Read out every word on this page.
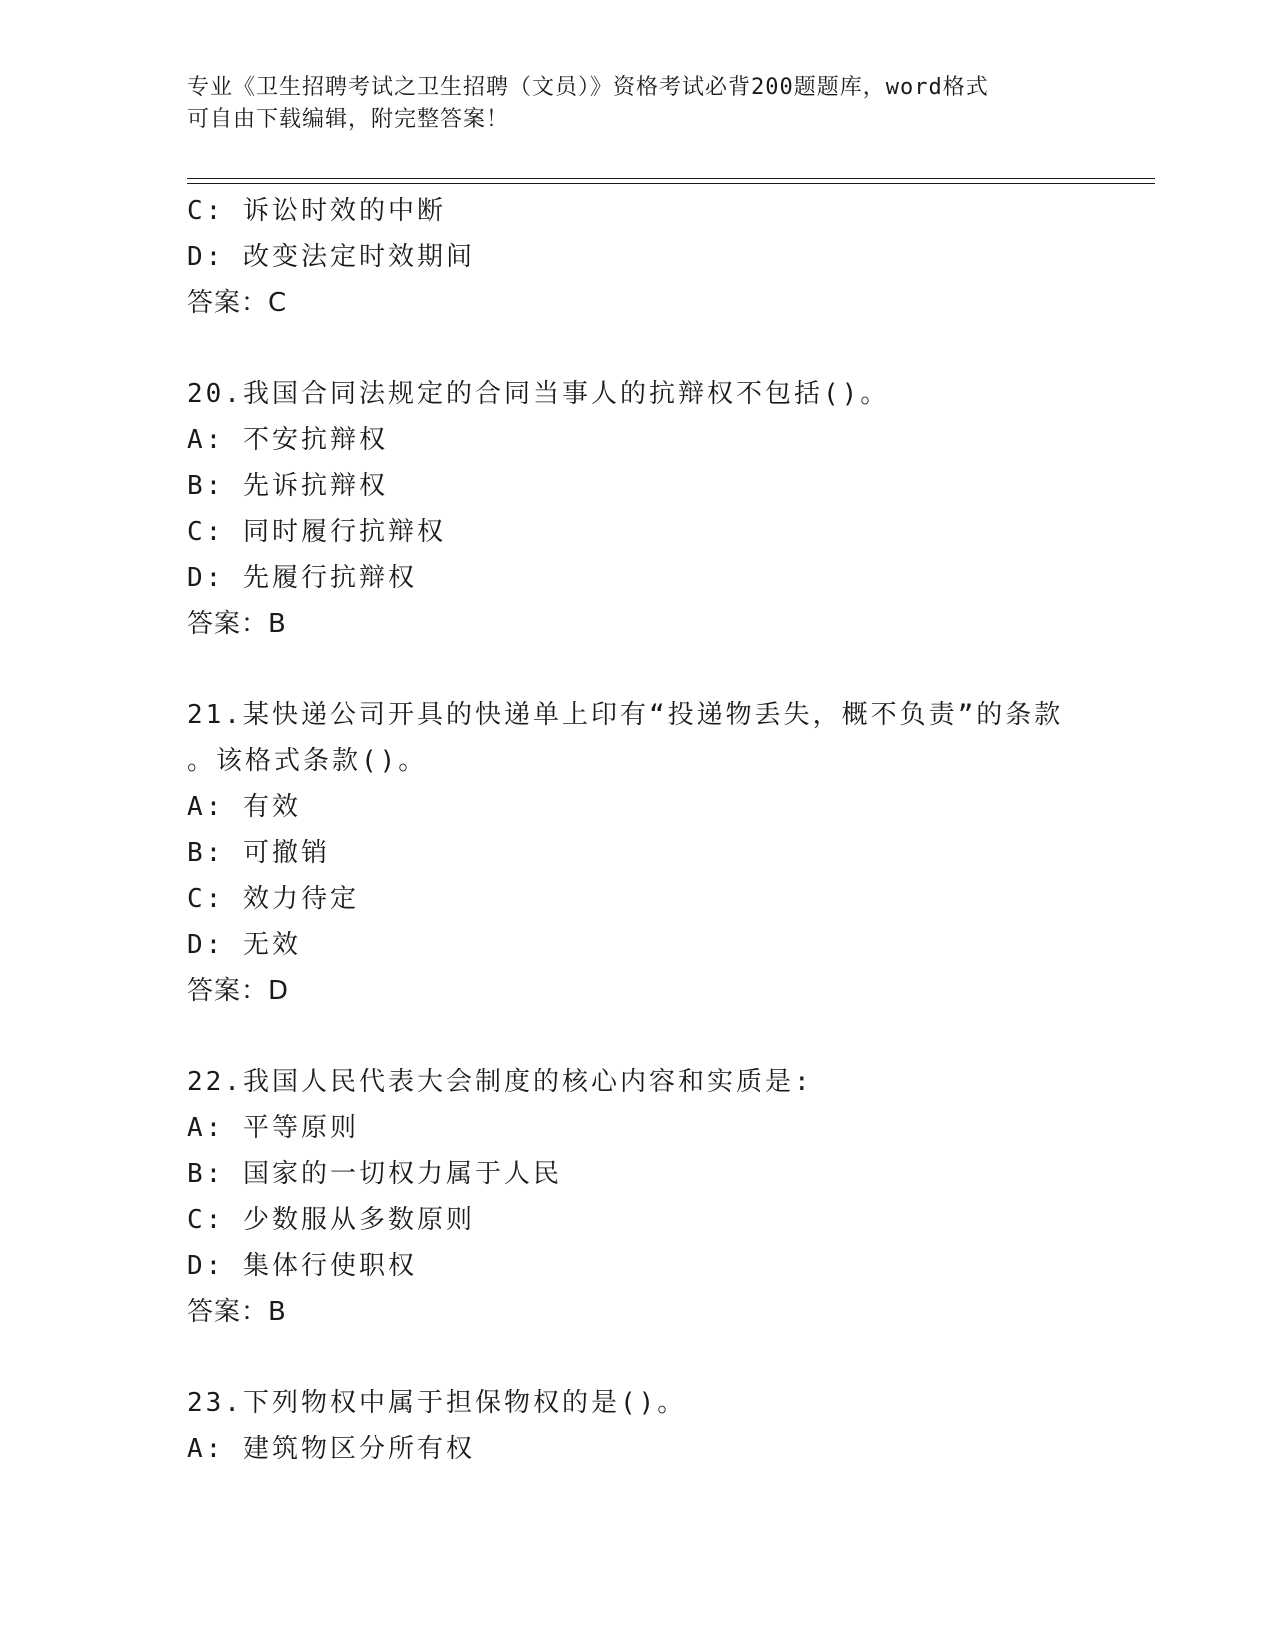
专业《卫生招聘考试之卫生招聘（文员）》资格考试必背200题题库，word格式
可自由下载编辑，附完整答案！
C: 诉讼时效的中断
D: 改变法定时效期间
答案：C
20.我国合同法规定的合同当事人的抗辩权不包括()。
A: 不安抗辩权
B: 先诉抗辩权
C: 同时履行抗辩权
D: 先履行抗辩权
答案：B
21.某快递公司开具的快递单上印有“投递物丢失，概不负责”的条款
。该格式条款()。
A: 有效
B: 可撤销
C: 效力待定
D: 无效
答案：D
22.我国人民代表大会制度的核心内容和实质是:
A: 平等原则
B: 国家的一切权力属于人民
C: 少数服从多数原则
D: 集体行使职权
答案：B
23.下列物权中属于担保物权的是()。
A: 建筑物区分所有权
